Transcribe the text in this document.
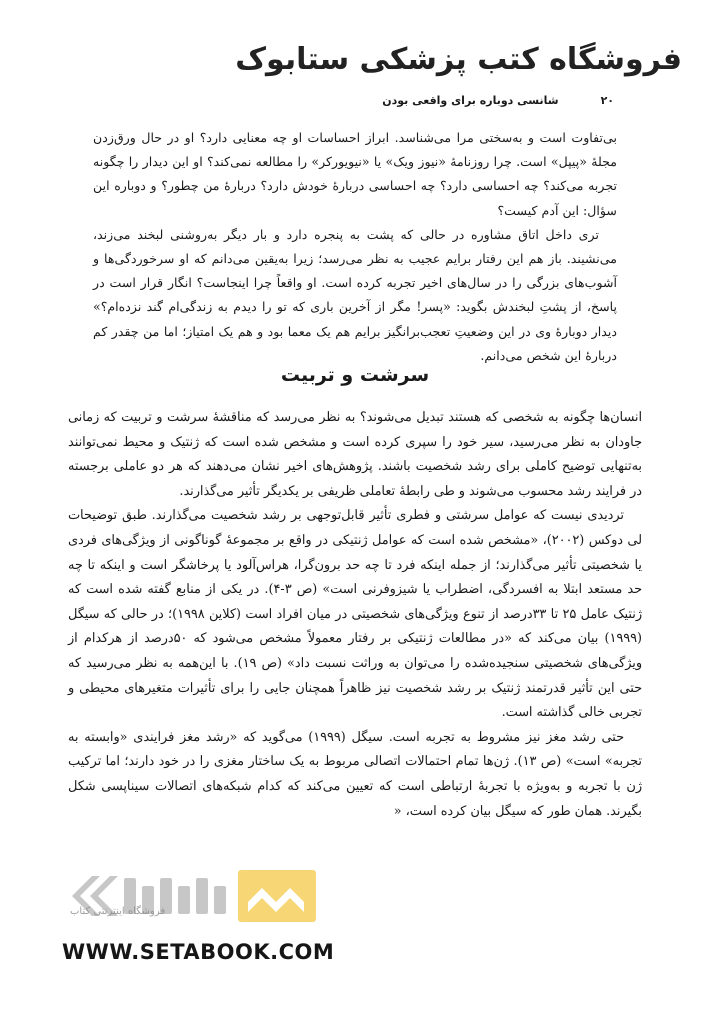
فروشگاه کتب پزشکی ستابوک
۲۰
شانسی دوباره برای واقعی بودن

بی‌تفاوت است و به‌سختی مرا می‌شناسد. ابراز احساسات او چه معنایی دارد؟ او در حال ورق‌زدن مجلهٔ «پیپل» است. چرا روزنامهٔ «نیوز ویک» یا «نیویورکر» را مطالعه نمی‌کند؟ او این دیدار را چگونه تجربه می‌کند؟ چه احساسی دارد؟ چه احساسی دربارهٔ خودش دارد؟ دربارهٔ من چطور؟ و دوباره این سؤال: این آدم کیست؟

تری داخل اتاق مشاوره در حالی که پشت به پنجره دارد و بار دیگر به‌روشنی لبخند می‌زند، می‌نشیند. باز هم این رفتار برایم عجیب به نظر می‌رسد؛ زیرا به‌یقین می‌دانم که او سرخوردگی‌ها و آشوب‌های بزرگی را در سال‌های اخیر تجربه کرده است. او واقعاً چرا اینجاست؟ انگار قرار است در پاسخ، از پشتِ لبخندش بگوید: «پسر! مگر از آخرین باری که تو را دیدم به زندگی‌ام گند نزده‌ام؟» دیدار دوبارهٔ وی در این وضعیتِ تعجب‌برانگیز برایم هم یک معما بود و هم یک امتیاز؛ اما من چقدر کم دربارهٔ این شخص می‌دانم.

سرشت و تربیت

انسان‌ها چگونه به شخصی که هستند تبدیل می‌شوند؟ به نظر می‌رسد که مناقشهٔ سرشت و تربیت که زمانی جاودان به نظر می‌رسید، سیر خود را سپری کرده است و مشخص شده است که ژنتیک و محیط نمی‌توانند به‌تنهایی توضیح کاملی برای رشد شخصیت باشند. پژوهش‌های اخیر نشان می‌دهند که هر دو عاملی برجسته در فرایند رشد محسوب می‌شوند و طی رابطهٔ تعاملی ظریفی بر یکدیگر تأثیر می‌گذارند.

تردیدی نیست که عوامل سرشتی و فطری تأثیر قابل‌توجهی بر رشد شخصیت می‌گذارند. طبق توضیحات لی دوکس (۲۰۰۲)، «مشخص شده است که عوامل ژنتیکی در واقع بر مجموعهٔ گوناگونی از ویژگی‌های فردی یا شخصیتی تأثیر می‌گذارند؛ از جمله اینکه فرد تا چه حد برون‌گرا، هراس‌آلود یا پرخاشگر است و اینکه تا چه حد مستعد ابتلا به افسردگی، اضطراب یا شیزوفرنی است» (ص ۳-۴). در یکی از منابع گفته شده است که ژنتیک عامل ۲۵ تا ۳۳درصد از تنوع ویژگی‌های شخصیتی در میان افراد است (کلاین ۱۹۹۸)؛ در حالی که سیگل (۱۹۹۹) بیان می‌کند که «در مطالعات ژنتیکی بر رفتار معمولاً مشخص می‌شود که ۵۰درصد از هرکدام از ویژگی‌های شخصیتی سنجیده‌شده را می‌توان به وراثت نسبت داد» (ص ۱۹). با این‌همه به نظر می‌رسید که حتی این تأثیر قدرتمند ژنتیک بر رشد شخصیت نیز ظاهراً همچنان جایی را برای تأثیرات متغیرهای محیطی و تجربی خالی گذاشته است.

حتی رشد مغز نیز مشروط به تجربه است. سیگل (۱۹۹۹) می‌گوید که «رشد مغز فرایندی «وابسته به تجربه» است» (ص ۱۳). ژن‌ها تمام احتمالات اتصالی مربوط به یک ساختار مغزی را در خود دارند؛ اما ترکیب ژن با تجربه و به‌ویژه با تجربهٔ ارتباطی است که تعیین می‌کند که کدام شبکه‌های اتصالات سیناپسی شکل بگیرند. همان طور که سیگل بیان کرده است، «

فروشگاه اینترنتی کتاب
WWW.SETABOOK.COM
